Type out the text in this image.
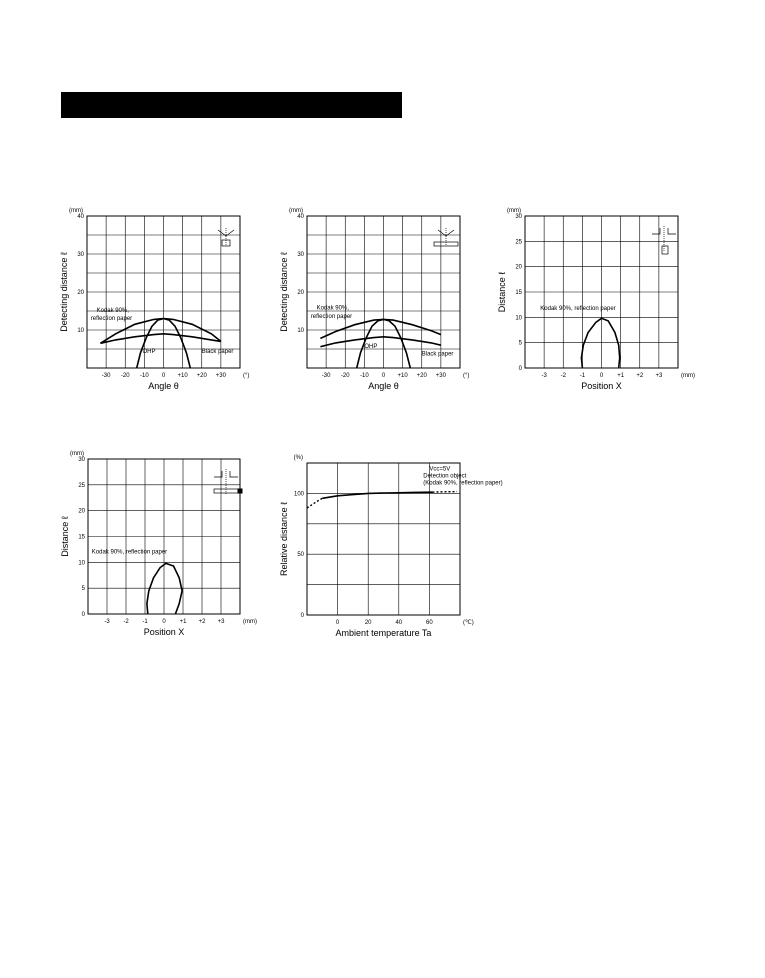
-30 -20 -10 0 +10 +20 +30
10
20
30
40
(mm)
(°)
Angle θ
Detecting distance ℓ	Kodak 90%,
reflection paper
OHP	Black paper
-30 -20 -10 0 +10 +20 +30
10
20
30
40
(mm)
(°)
Angle θ
Detecting distance ℓ	Kodak 90%,
reflection paper
OHP
Black paper
-3 -2 -1 0 +1 +2 +3
0
5
10
15
20
25
30
(mm)
(mm)
Position X
Distance ℓ	Kodak 90%, reflection paper
-3 -2 -1 0 +1 +2 +3
0
5
10
15
20
25
30
(mm)
(mm)
Position X
Distance ℓ	Kodak 90%, reflection paper
0	20	40	60
0
50
100
(%)
(℃)
Ambient temperature Ta
Relative distance ℓ
Vcc=5V
Detection object
(Kodak 90%, reflection paper)
